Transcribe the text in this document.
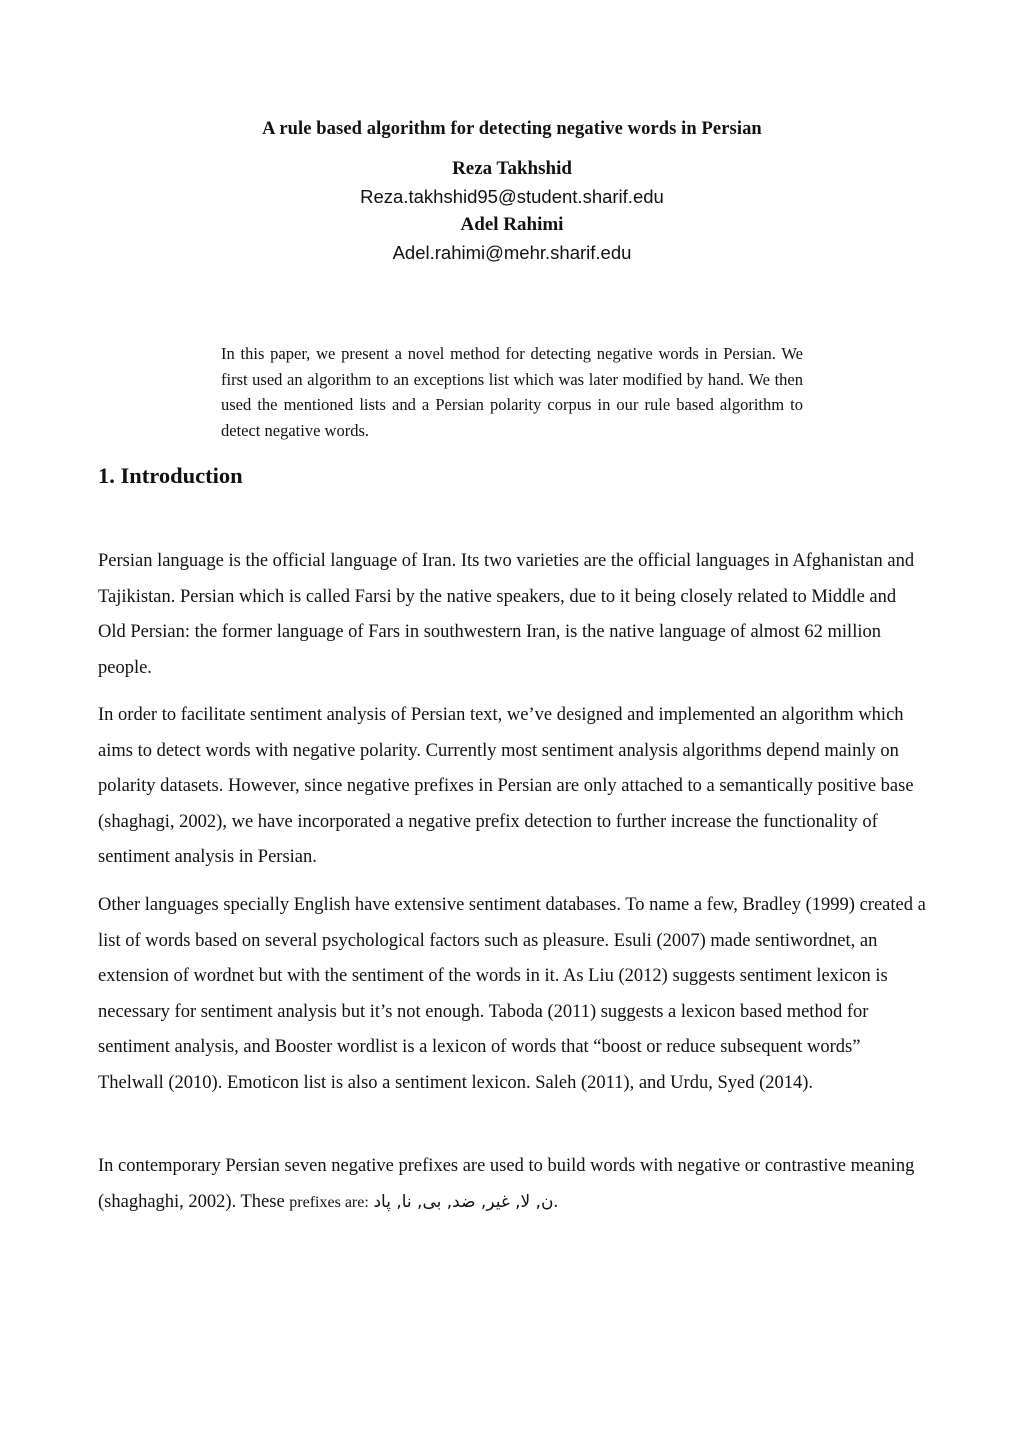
A rule based algorithm for detecting negative words in Persian
Reza Takhshid
Reza.takhshid95@student.sharif.edu
Adel Rahimi
Adel.rahimi@mehr.sharif.edu

In this paper, we present a novel method for detecting negative words in Persian. We first used an algorithm to an exceptions list which was later modified by hand. We then used the mentioned lists and a Persian polarity corpus in our rule based algorithm to detect negative words.

1. Introduction

Persian language is the official language of Iran. Its two varieties are the official languages in Afghanistan and Tajikistan. Persian which is called Farsi by the native speakers, due to it being closely related to Middle and Old Persian: the former language of Fars in southwestern Iran, is the native language of almost 62 million people.

In order to facilitate sentiment analysis of Persian text, we’ve designed and implemented an algorithm which aims to detect words with negative polarity. Currently most sentiment analysis algorithms depend mainly on polarity datasets. However, since negative prefixes in Persian are only attached to a semantically positive base (shaghagi, 2002), we have incorporated a negative prefix detection to further increase the functionality of sentiment analysis in Persian.

Other languages specially English have extensive sentiment databases. To name a few, Bradley (1999) created a list of words based on several psychological factors such as pleasure. Esuli (2007) made sentiwordnet, an extension of wordnet but with the sentiment of the words in it. As Liu (2012) suggests sentiment lexicon is necessary for sentiment analysis but it’s not enough. Taboda (2011) suggests a lexicon based method for sentiment analysis, and Booster wordlist is a lexicon of words that “boost or reduce subsequent words” Thelwall (2010). Emoticon list is also a sentiment lexicon. Saleh (2011), and Urdu, Syed (2014).

In contemporary Persian seven negative prefixes are used to build words with negative or contrastive meaning (shaghaghi, 2002). These prefixes are: ن, لا, غیر, ضد, بی, نا, پاد.
